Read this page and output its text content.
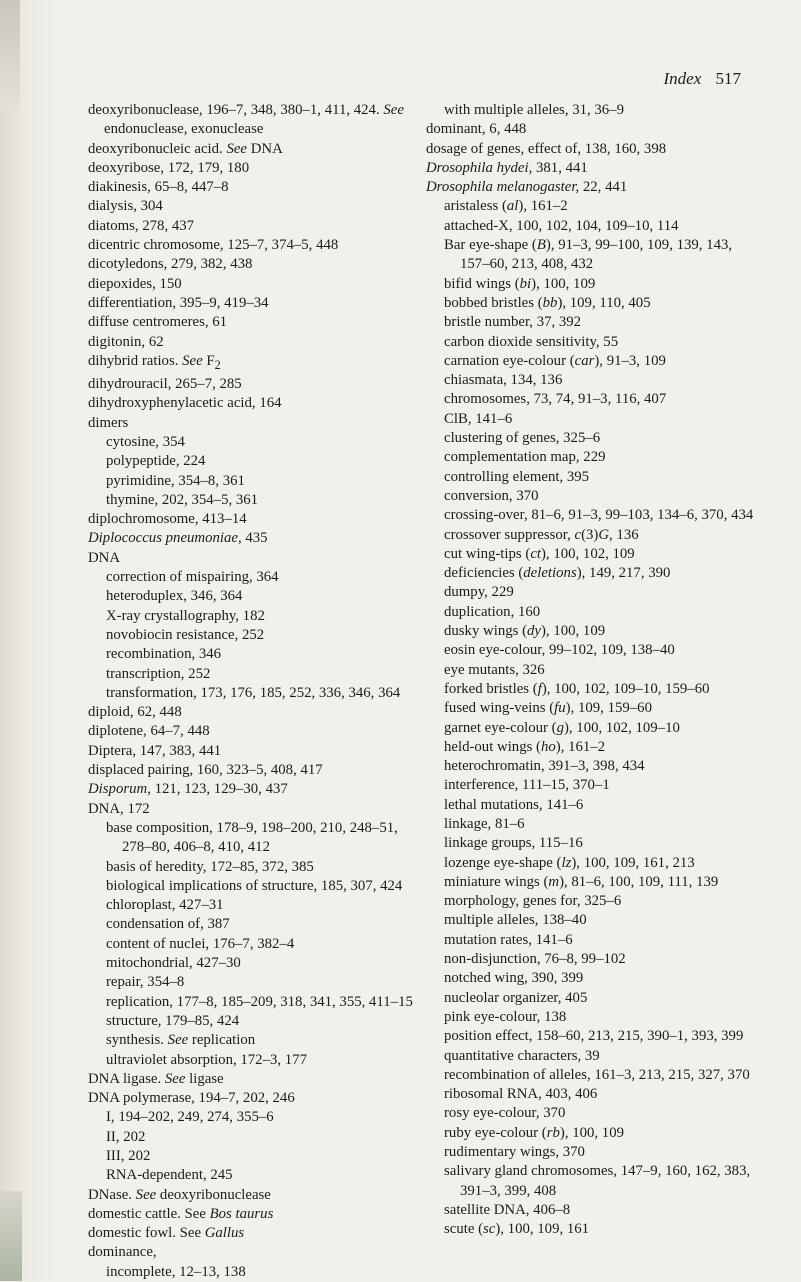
Index 517
deoxyribonuclease, 196–7, 348, 380–1, 411, 424. See endonuclease, exonuclease
deoxyribonucleic acid. See DNA
deoxyribose, 172, 179, 180
diakinesis, 65–8, 447–8
dialysis, 304
diatoms, 278, 437
dicentric chromosome, 125–7, 374–5, 448
dicotyledons, 279, 382, 438
diepoxides, 150
differentiation, 395–9, 419–34
diffuse centromeres, 61
digitonin, 62
dihybrid ratios. See $F_2$
dihydrouracil, 265–7, 285
dihydroxyphenylacetic acid, 164
dimers
cytosine, 354
polypeptide, 224
pyrimidine, 354–8, 361
thymine, 202, 354–5, 361
diplochromosome, 413–14
Diplococcus pneumoniae, 435
DNA
correction of mispairing, 364
heteroduplex, 346, 364
X-ray crystallography, 182
novobiocin resistance, 252
recombination, 346
transcription, 252
transformation, 173, 176, 185, 252, 336, 346, 364
diploid, 62, 448
diplotene, 64–7, 448
Diptera, 147, 383, 441
displaced pairing, 160, 323–5, 408, 417
Disporum, 121, 123, 129–30, 437
DNA, 172
base composition, 178–9, 198–200, 210, 248–51, 278–80, 406–8, 410, 412
basis of heredity, 172–85, 372, 385
biological implications of structure, 185, 307, 424
chloroplast, 427–31
condensation of, 387
content of nuclei, 176–7, 382–4
mitochondrial, 427–30
repair, 354–8
replication, 177–8, 185–209, 318, 341, 355, 411–15
structure, 179–85, 424
synthesis. See replication
ultraviolet absorption, 172–3, 177
DNA ligase. See ligase
DNA polymerase, 194–7, 202, 246
I, 194–202, 249, 274, 355–6
II, 202
III, 202
RNA-dependent, 245
DNase. See deoxyribonuclease
domestic cattle. See Bos taurus
domestic fowl. See Gallus
dominance,
incomplete, 12–13, 138
with multiple alleles, 31, 36–9
dominant, 6, 448
dosage of genes, effect of, 138, 160, 398
Drosophila hydei, 381, 441
Drosophila melanogaster, 22, 441
aristaless (al), 161–2
attached-X, 100, 102, 104, 109–10, 114
Bar eye-shape (B), 91–3, 99–100, 109, 139, 143, 157–60, 213, 408, 432
bifid wings (bi), 100, 109
bobbed bristles (bb), 109, 110, 405
bristle number, 37, 392
carbon dioxide sensitivity, 55
carnation eye-colour (car), 91–3, 109
chiasmata, 134, 136
chromosomes, 73, 74, 91–3, 116, 407
ClB, 141–6
clustering of genes, 325–6
complementation map, 229
controlling element, 395
conversion, 370
crossing-over, 81–6, 91–3, 99–103, 134–6, 370, 434
crossover suppressor, c(3)G, 136
cut wing-tips (ct), 100, 102, 109
deficiencies (deletions), 149, 217, 390
dumpy, 229
duplication, 160
dusky wings (dy), 100, 109
eosin eye-colour, 99–102, 109, 138–40
eye mutants, 326
forked bristles (f), 100, 102, 109–10, 159–60
fused wing-veins (fu), 109, 159–60
garnet eye-colour (g), 100, 102, 109–10
held-out wings (ho), 161–2
heterochromatin, 391–3, 398, 434
interference, 111–15, 370–1
lethal mutations, 141–6
linkage, 81–6
linkage groups, 115–16
lozenge eye-shape (lz), 100, 109, 161, 213
miniature wings (m), 81–6, 100, 109, 111, 139
morphology, genes for, 325–6
multiple alleles, 138–40
mutation rates, 141–6
non-disjunction, 76–8, 99–102
notched wing, 390, 399
nucleolar organizer, 405
pink eye-colour, 138
position effect, 158–60, 213, 215, 390–1, 393, 399
quantitative characters, 39
recombination of alleles, 161–3, 213, 215, 327, 370
ribosomal RNA, 403, 406
rosy eye-colour, 370
ruby eye-colour (rb), 100, 109
rudimentary wings, 370
salivary gland chromosomes, 147–9, 160, 162, 383, 391–3, 399, 408
satellite DNA, 406–8
scute (sc), 100, 109, 161
